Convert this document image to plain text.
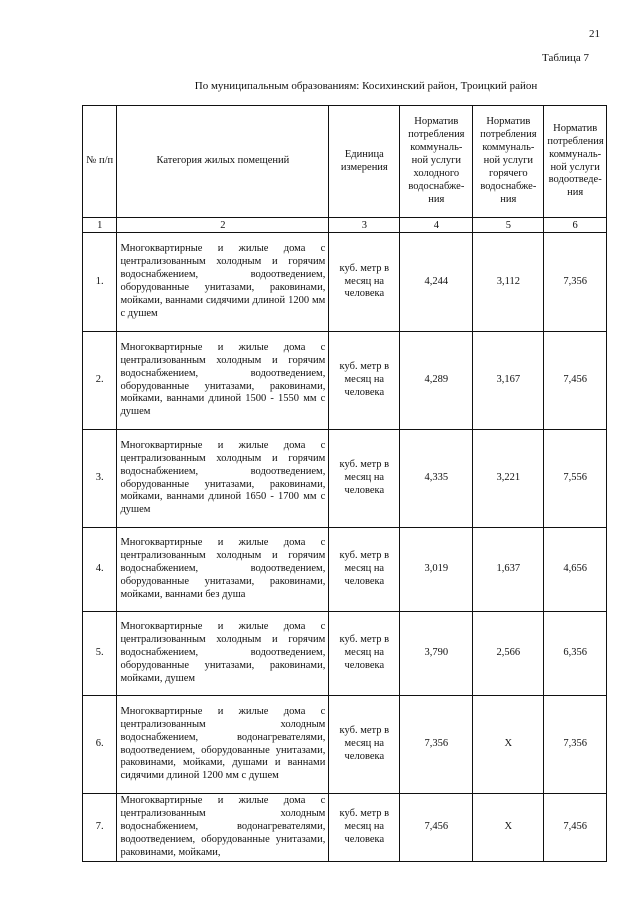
21
Таблица 7
По муниципальным образованиям: Косихинский район, Троицкий район
№ п/п	Категория жилых помещений	Единица измерения	Норматив потребления коммуналь- ной услуги холодного водоснабже- ния	Норматив потребления коммуналь- ной услуги горячего водоснабже- ния	Норматив потребления коммуналь- ной услуги водоотведе- ния
1	2	3	4	5	6
1.	Многоквартирные и жилые дома с централизованным холодным и горячим водоснабжением, водоотведением, оборудованные унитазами, раковинами, мойками, ваннами сидячими длиной 1200 мм с душем	куб. метр в месяц на человека	4,244	3,112	7,356
2.	Многоквартирные и жилые дома с централизованным холодным и горячим водоснабжением, водоотведением, оборудованные унитазами, раковинами, мойками, ваннами длиной 1500 - 1550 мм с душем	куб. метр в месяц на человека	4,289	3,167	7,456
3.	Многоквартирные и жилые дома с централизованным холодным и горячим водоснабжением, водоотведением, оборудованные унитазами, раковинами, мойками, ваннами длиной 1650 - 1700 мм с душем	куб. метр в месяц на человека	4,335	3,221	7,556
4.	Многоквартирные и жилые дома с централизованным холодным и горячим водоснабжением, водоотведением, оборудованные унитазами, раковинами, мойками, ваннами без душа	куб. метр в месяц на человека	3,019	1,637	4,656
5.	Многоквартирные и жилые дома с централизованным холодным и горячим водоснабжением, водоотведением, оборудованные унитазами, раковинами, мойками, душем	куб. метр в месяц на человека	3,790	2,566	6,356
6.	Многоквартирные и жилые дома с централизованным холодным водоснабжением, водонагревателями, водоотведением, оборудованные унитазами, раковинами, мойками, душами и ваннами сидячими длиной 1200 мм с душем	куб. метр в месяц на человека	7,356	X	7,356
7.	Многоквартирные и жилые дома с централизованным холодным водоснабжением, водонагревателями, водоотведением, оборудованные унитазами, раковинами, мойками,	куб. метр в месяц на человека	7,456	X	7,456
